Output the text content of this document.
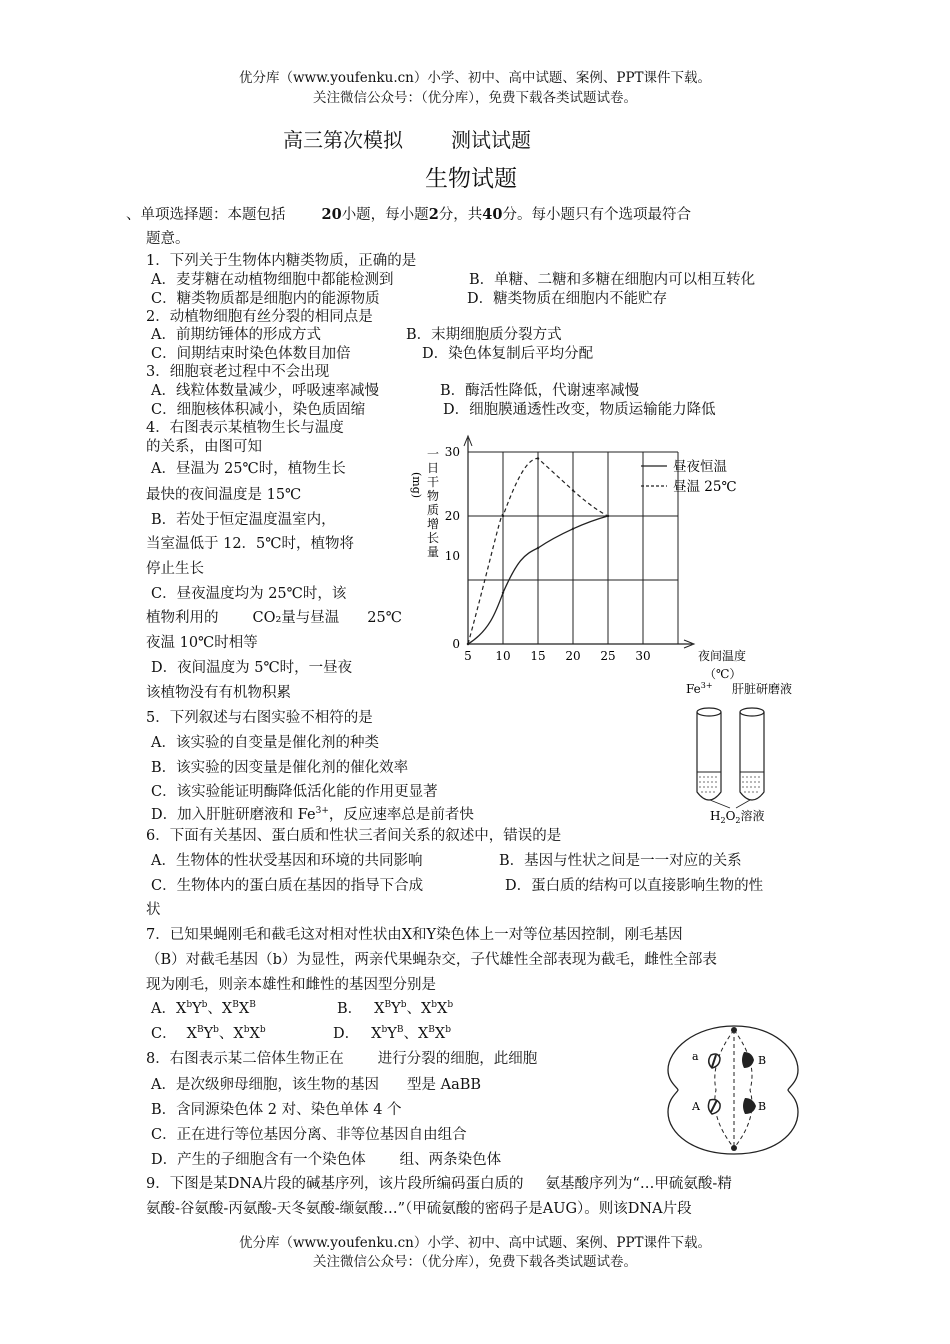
优分库（www.youfenku.cn）小学、初中、高中试题、案例、PPT课件下载。
关注微信公众号：（优分库），免费下载各类试题试卷。
高三第次模拟 测试试题
生物试题
、单项选择题：本题包括 20小题，每小题2分，共40分。每小题只有个选项最符合
题意。
1．下列关于生物体内糖类物质，正确的是
A．麦芽糖在动植物细胞中都能检测到	B．单糖、二糖和多糖在细胞内可以相互转化
C．糖类物质都是细胞内的能源物质	D．糖类物质在细胞内不能贮存
2．动植物细胞有丝分裂的相同点是
A．前期纺锤体的形成方式	B．末期细胞质分裂方式
C．间期结束时染色体数目加倍	D．染色体复制后平均分配
3．细胞衰老过程中不会出现
A．线粒体数量减少，呼吸速率减慢	B．酶活性降低，代谢速率减慢
C．细胞核体积减小，染色质固缩	D．细胞膜通透性改变，物质运输能力降低
4．右图表示某植物生长与温度
的关系，由图可知
A．昼温为 25℃时，植物生长
最快的夜间温度是 15℃
B．若处于恒定温度温室内，
当室温低于 12．5℃时，植物将
停止生长
C．昼夜温度均为 25℃时，该
植物利用的 CO₂量与昼温 25℃
夜温 10℃时相等
D．夜间温度为 5℃时，一昼夜
该植物没有有机物积累
5 10 15 20 25 30
0
10
20
30
一
日
干
物
质
增
长
量
(mg)
夜间温度
（℃）
昼夜恒温
昼温 25℃
5．下列叙述与右图实验不相符的是
A．该实验的自变量是催化剂的种类
B．该实验的因变量是催化剂的催化效率
C．该实验能证明酶降低活化能的作用更显著
D．加入肝脏研磨液和 $Fe^{3+}$，反应速率总是前者快
$Fe^{3+}$ 肝脏研磨液
$H_2O_2$溶液
6．下面有关基因、蛋白质和性状三者间关系的叙述中，错误的是
A．生物体的性状受基因和环境的共同影响	B．基因与性状之间是一一对应的关系
C．生物体内的蛋白质在基因的指导下合成	D．蛋白质的结构可以直接影响生物的性
状
7．已知果蝇刚毛和截毛这对相对性状由X和Y染色体上一对等位基因控制，刚毛基因
（B）对截毛基因（b）为显性，两亲代果蝇杂交，子代雄性全部表现为截毛，雌性全部表
现为刚毛，则亲本雄性和雌性的基因型分别是
A．$X^bY^b$、$X^BX^B$	B． $X^BY^b$、$X^bX^b$
C． $X^BY^b$、$X^bX^b$	D． $X^bY^B$、$X^BX^b$
8．右图表示某二倍体生物正在 进行分裂的细胞，此细胞
A．是次级卵母细胞，该生物的基因 型是 AaBB
B．含同源染色体 2 对、染色单体 4 个
C．正在进行等位基因分离、非等位基因自由组合
D．产生的子细胞含有一个染色体 组、两条染色体
a	B
A	B
9．下图是某DNA片段的碱基序列，该片段所编码蛋白质的 氨基酸序列为“…甲硫氨酸-精
氨酸-谷氨酸-丙氨酸-天冬氨酸-缬氨酸…”（甲硫氨酸的密码子是AUG）。则该DNA片段
优分库（www.youfenku.cn）小学、初中、高中试题、案例、PPT课件下载。
关注微信公众号：（优分库），免费下载各类试题试卷。
